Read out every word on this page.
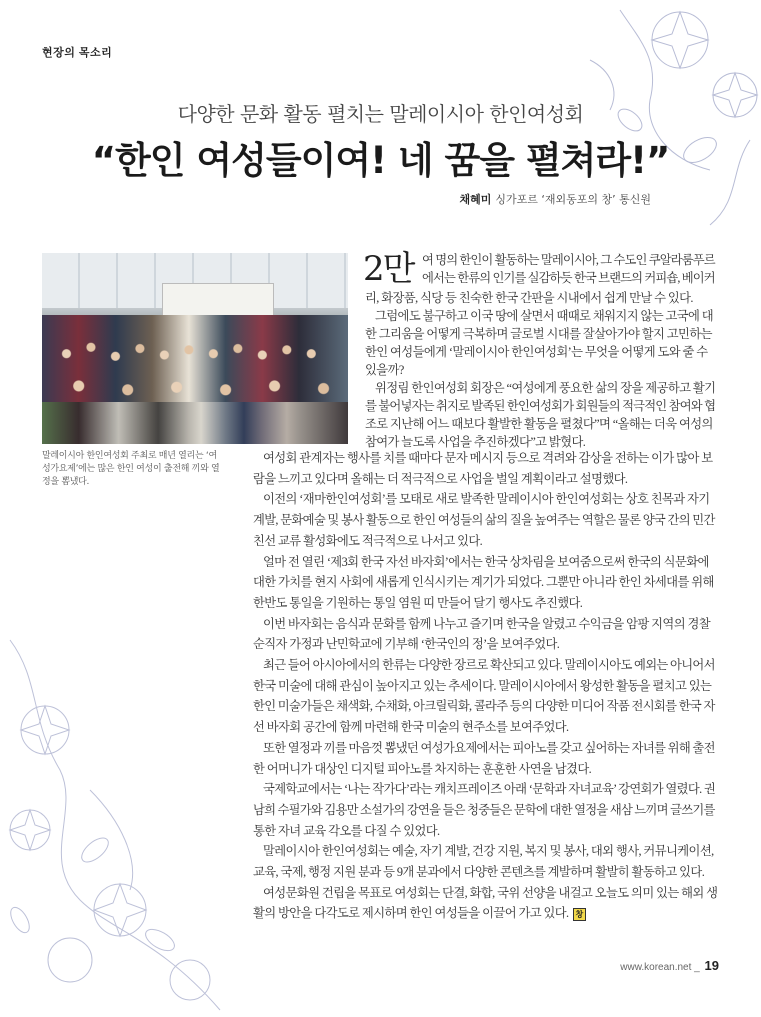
현장의 목소리
다양한 문화 활동 펼치는 말레이시아 한인여성회
“한인 여성들이여! 네 꿈을 펼쳐라!”
채혜미 싱가포르 ‘재외동포의 창’ 통신원
말레이시아 한인여성회 주최로 매년 열리는 ‘여성가요제’에는 많은 한인 여성이 출전해 끼와 열정을 뽐냈다.
2만 여 명의 한인이 활동하는 말레이시아, 그 수도인 쿠알라룸푸르
에서는 한류의 인기를 실감하듯 한국 브랜드의 커피숍, 베이커
리, 화장품, 식당 등 친숙한 한국 간판을 시내에서 쉽게 만날 수 있다.
그럼에도 불구하고 이국 땅에 살면서 때때로 채워지지 않는 고국에 대
한 그리움을 어떻게 극복하며 글로벌 시대를 잘살아가야 할지 고민하는
한인 여성들에게 ‘말레이시아 한인여성회’는 무엇을 어떻게 도와 줄 수
있을까?
위정림 한인여성회 회장은 “여성에게 풍요한 삶의 장을 제공하고 활기
를 불어넣자는 취지로 발족된 한인여성회가 회원들의 적극적인 참여와 협
조로 지난해 어느 때보다 활발한 활동을 펼쳤다”며 “올해는 더욱 여성의
참여가 늘도록 사업을 추진하겠다”고 밝혔다.
여성회 관계자는 행사를 치를 때마다 문자 메시지 등으로 격려와 감상을 전하는 이가 많아 보
람을 느끼고 있다며 올해는 더 적극적으로 사업을 벌일 계획이라고 설명했다.
이전의 ‘재마한인여성회’를 모태로 새로 발족한 말레이시아 한인여성회는 상호 친목과 자기
계발, 문화예술 및 봉사 활동으로 한인 여성들의 삶의 질을 높여주는 역할은 물론 양국 간의 민간
친선 교류 활성화에도 적극적으로 나서고 있다.
얼마 전 열린 ‘제3회 한국 자선 바자회’에서는 한국 상차림을 보여줌으로써 한국의 식문화에
대한 가치를 현지 사회에 새롭게 인식시키는 계기가 되었다. 그뿐만 아니라 한인 차세대를 위해
한반도 통일을 기원하는 통일 염원 띠 만들어 달기 행사도 추진했다.
이번 바자회는 음식과 문화를 함께 나누고 즐기며 한국을 알렸고 수익금을 암팡 지역의 경찰
순직자 가정과 난민학교에 기부해 ‘한국인의 정’을 보여주었다.
최근 들어 아시아에서의 한류는 다양한 장르로 확산되고 있다. 말레이시아도 예외는 아니어서
한국 미술에 대해 관심이 높아지고 있는 추세이다. 말레이시아에서 왕성한 활동을 펼치고 있는
한인 미술가들은 채색화, 수채화, 아크릴릭화, 콜라주 등의 다양한 미디어 작품 전시회를 한국 자
선 바자회 공간에 함께 마련해 한국 미술의 현주소를 보여주었다.
또한 열정과 끼를 마음껏 뽐냈던 여성가요제에서는 피아노를 갖고 싶어하는 자녀를 위해 출전
한 어머니가 대상인 디지털 피아노를 차지하는 훈훈한 사연을 남겼다.
국제학교에서는 ‘나는 작가다’라는 캐치프레이즈 아래 ‘문학과 자녀교육’ 강연회가 열렸다. 권
남희 수필가와 김용만 소설가의 강연을 들은 청중들은 문학에 대한 열정을 새삼 느끼며 글쓰기를
통한 자녀 교육 각오를 다질 수 있었다.
말레이시아 한인여성회는 예술, 자기 계발, 건강 지원, 복지 및 봉사, 대외 행사, 커뮤니케이션,
교육, 국제, 행정 지원 분과 등 9개 분과에서 다양한 콘텐츠를 계발하며 활발히 활동하고 있다.
여성문화원 건립을 목표로 여성회는 단결, 화합, 국위 선양을 내걸고 오늘도 의미 있는 해외 생
활의 방안을 다각도로 제시하며 한인 여성들을 이끌어 가고 있다. 창
www.korean.net _ 19
